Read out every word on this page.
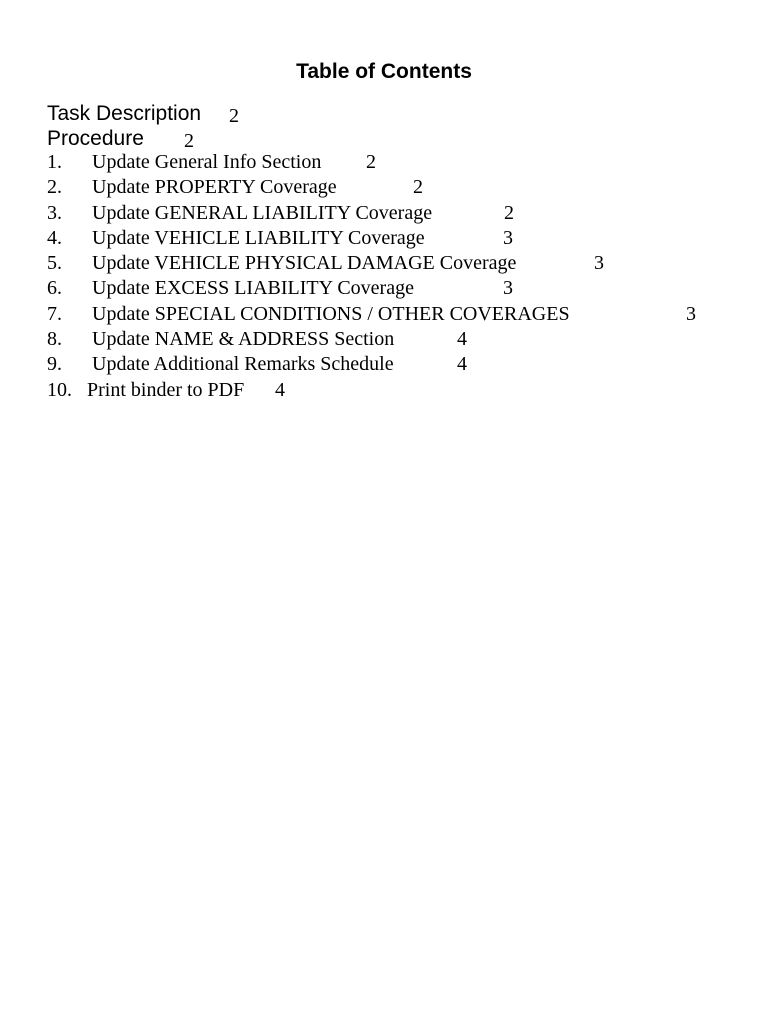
Table of Contents
Task Description 2
Procedure 2
1. Update General Info Section 2
2. Update PROPERTY Coverage	2
3. Update GENERAL LIABILITY Coverage	2
4. Update VEHICLE LIABILITY Coverage	3
5. Update VEHICLE PHYSICAL DAMAGE Coverage	3
6. Update EXCESS LIABILITY Coverage	3
7. Update SPECIAL CONDITIONS / OTHER COVERAGES	3
8. Update NAME & ADDRESS Section	4
9. Update Additional Remarks Schedule	4
10. Print binder to PDF 4
